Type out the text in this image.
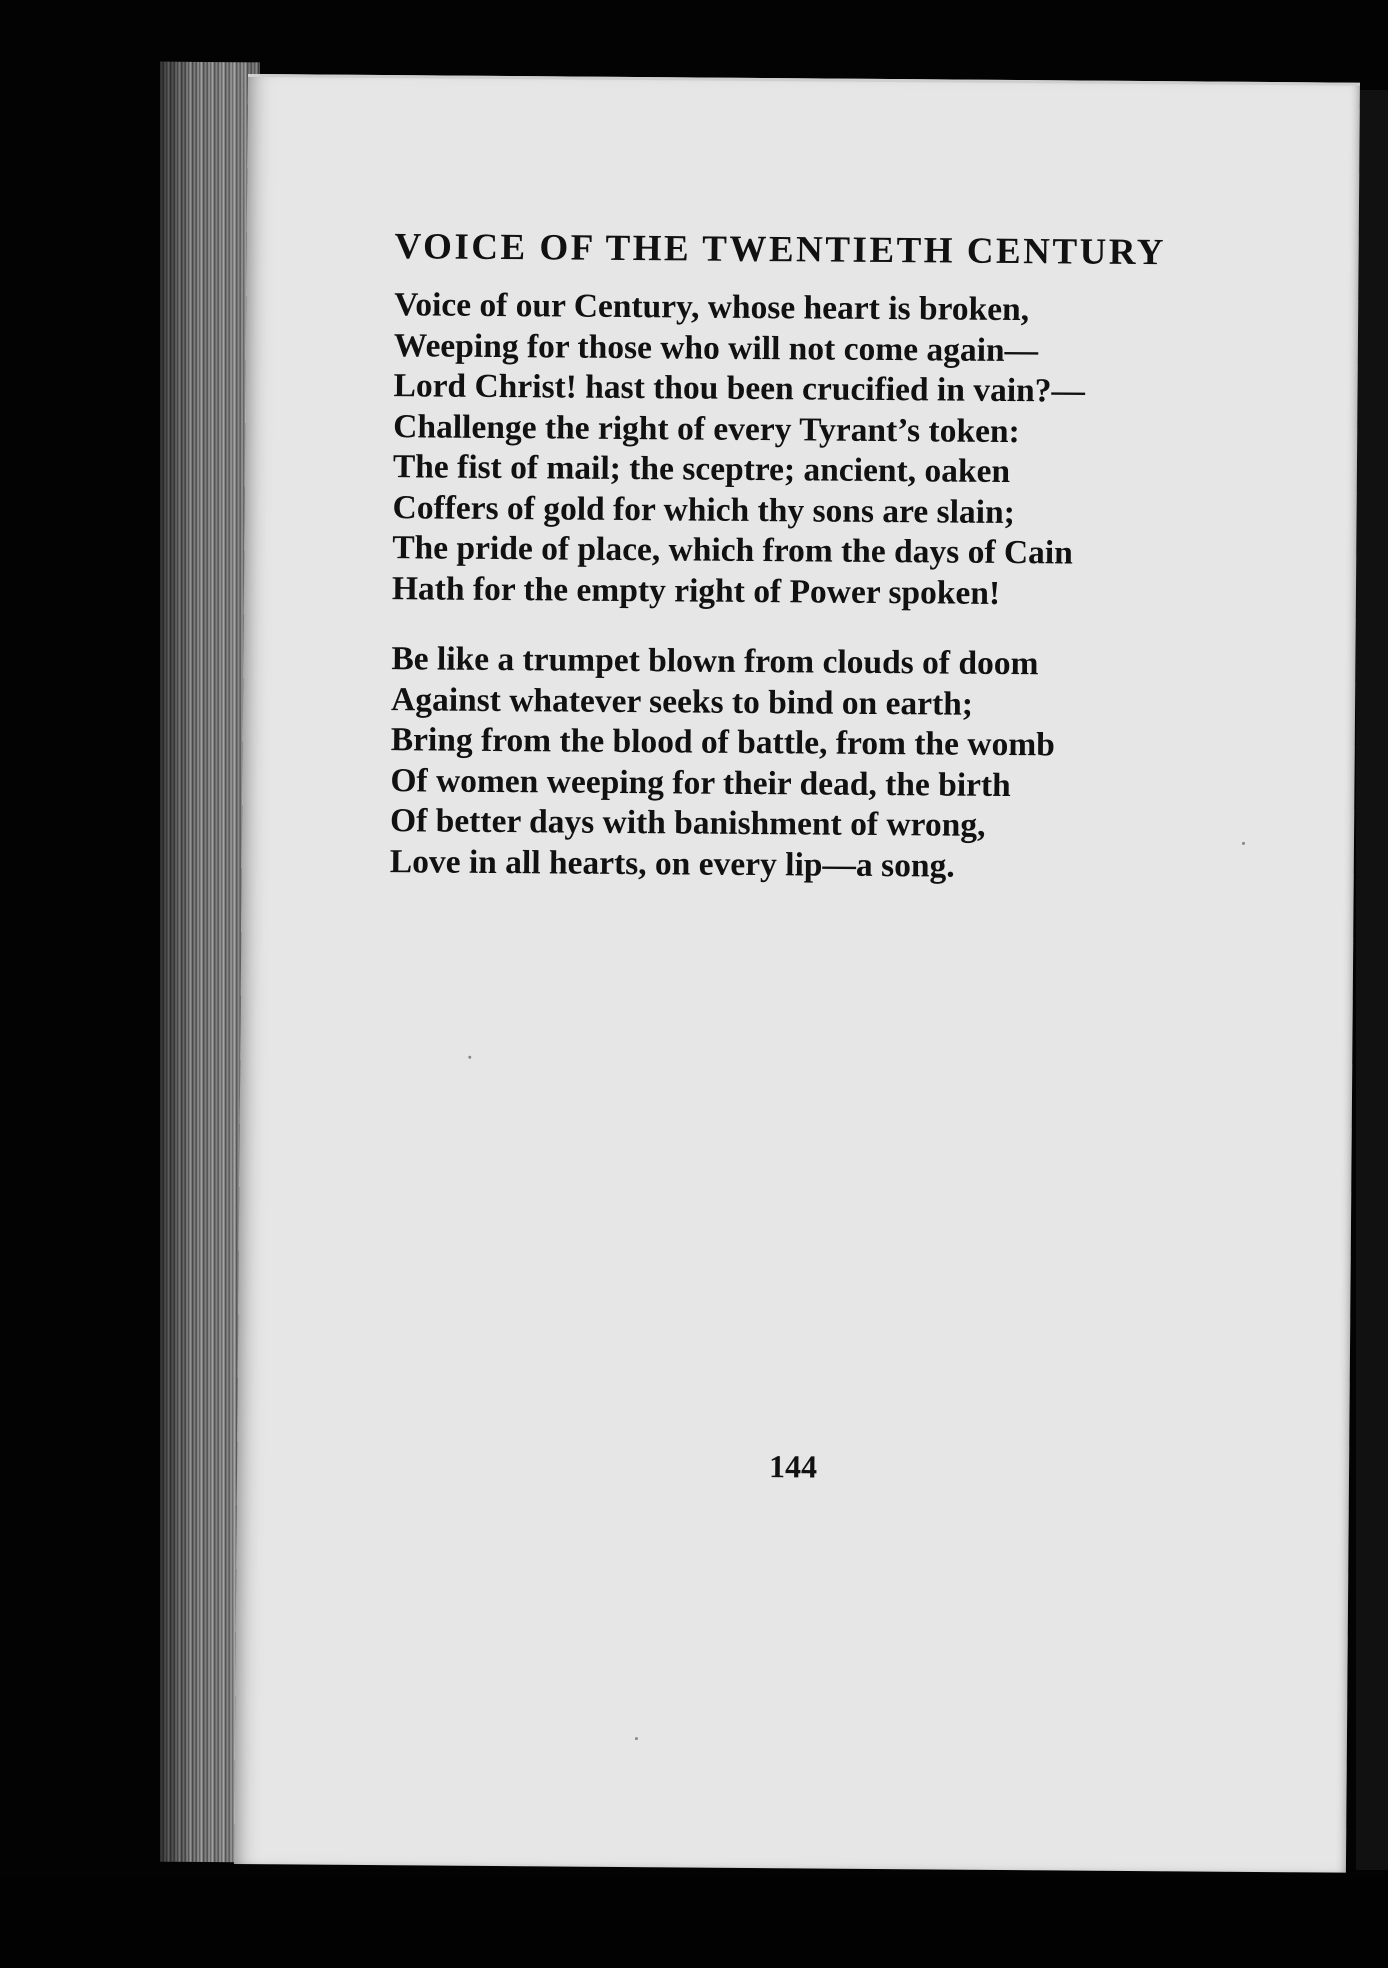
VOICE OF THE TWENTIETH CENTURY
Voice of our Century, whose heart is broken,
Weeping for those who will not come again—
Lord Christ! hast thou been crucified in vain?—
Challenge the right of every Tyrant’s token:
The fist of mail; the sceptre; ancient, oaken
Coffers of gold for which thy sons are slain;
The pride of place, which from the days of Cain
Hath for the empty right of Power spoken!
Be like a trumpet blown from clouds of doom
Against whatever seeks to bind on earth;
Bring from the blood of battle, from the womb
Of women weeping for their dead, the birth
Of better days with banishment of wrong,
Love in all hearts, on every lip—a song.

144
